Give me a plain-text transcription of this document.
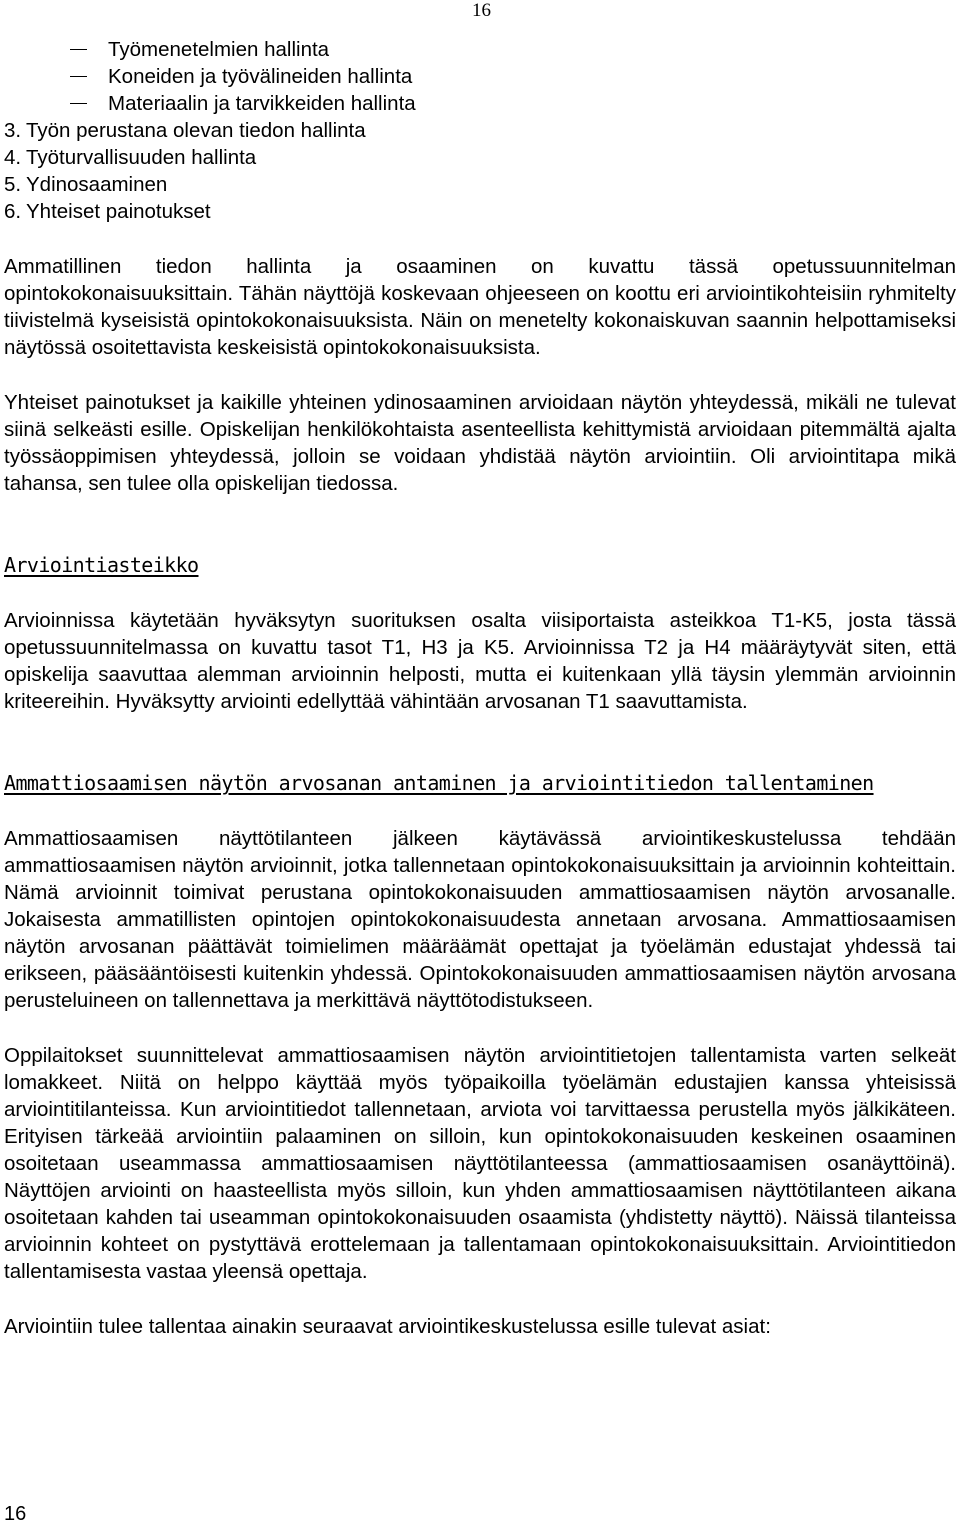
16
Työmenetelmien hallinta
Koneiden ja työvälineiden hallinta
Materiaalin ja tarvikkeiden hallinta
3. Työn perustana olevan tiedon hallinta
4. Työturvallisuuden hallinta
5. Ydinosaaminen
6. Yhteiset painotukset

Ammatillinen tiedon hallinta ja osaaminen on kuvattu tässä opetussuunnitelman opintokokonaisuuksittain. Tähän näyttöjä koskevaan ohjeeseen on koottu eri arviointikohteisiin ryhmitelty tiivistelmä kyseisistä opintokokonaisuuksista. Näin on menetelty kokonaiskuvan saannin helpottamiseksi näytössä osoitettavista keskeisistä opintokokonaisuuksista.

Yhteiset painotukset ja kaikille yhteinen ydinosaaminen arvioidaan näytön yhteydessä, mikäli ne tulevat siinä selkeästi esille. Opiskelijan henkilökohtaista asenteellista kehittymistä arvioidaan pitemmältä ajalta työssäoppimisen yhteydessä, jolloin se voidaan yhdistää näytön arviointiin. Oli arviointitapa mikä tahansa, sen tulee olla opiskelijan tiedossa.

Arviointiasteikko

Arvioinnissa käytetään hyväksytyn suorituksen osalta viisiportaista asteikkoa T1-K5, josta tässä opetussuunnitelmassa on kuvattu tasot T1, H3 ja K5. Arvioinnissa T2 ja H4 määräytyvät siten, että opiskelija saavuttaa alemman arvioinnin helposti, mutta ei kuitenkaan yllä täysin ylemmän arvioinnin kriteereihin. Hyväksytty arviointi edellyttää vähintään arvosanan T1 saavuttamista.

Ammattiosaamisen näytön arvosanan antaminen ja arviointitiedon tallentaminen

Ammattiosaamisen näyttötilanteen jälkeen käytävässä arviointikeskustelussa tehdään ammattiosaamisen näytön arvioinnit, jotka tallennetaan opintokokonaisuuksittain ja arvioinnin kohteittain. Nämä arvioinnit toimivat perustana opintokokonaisuuden ammattiosaamisen näytön arvosanalle. Jokaisesta ammatillisten opintojen opintokokonaisuudesta annetaan arvosana. Ammattiosaamisen näytön arvosanan päättävät toimielimen määräämät opettajat ja työelämän edustajat yhdessä tai erikseen, pääsääntöisesti kuitenkin yhdessä. Opintokokonaisuuden ammattiosaamisen näytön arvosana perusteluineen on tallennettava ja merkittävä näyttötodistukseen.

Oppilaitokset suunnittelevat ammattiosaamisen näytön arviointitietojen tallentamista varten selkeät lomakkeet. Niitä on helppo käyttää myös työpaikoilla työelämän edustajien kanssa yhteisissä arviointitilanteissa. Kun arviointitiedot tallennetaan, arviota voi tarvittaessa perustella myös jälkikäteen. Erityisen tärkeää arviointiin palaaminen on silloin, kun opintokokonaisuuden keskeinen osaaminen osoitetaan useammassa ammattiosaamisen näyttötilanteessa (ammattiosaamisen osanäyttöinä). Näyttöjen arviointi on haasteellista myös silloin, kun yhden ammattiosaamisen näyttötilanteen aikana osoitetaan kahden tai useamman opintokokonaisuuden osaamista (yhdistetty näyttö). Näissä tilanteissa arvioinnin kohteet on pystyttävä erottelemaan ja tallentamaan opintokokonaisuuksittain. Arviointitiedon tallentamisesta vastaa yleensä opettaja.

Arviointiin tulee tallentaa ainakin seuraavat arviointikeskustelussa esille tulevat asiat:

16
